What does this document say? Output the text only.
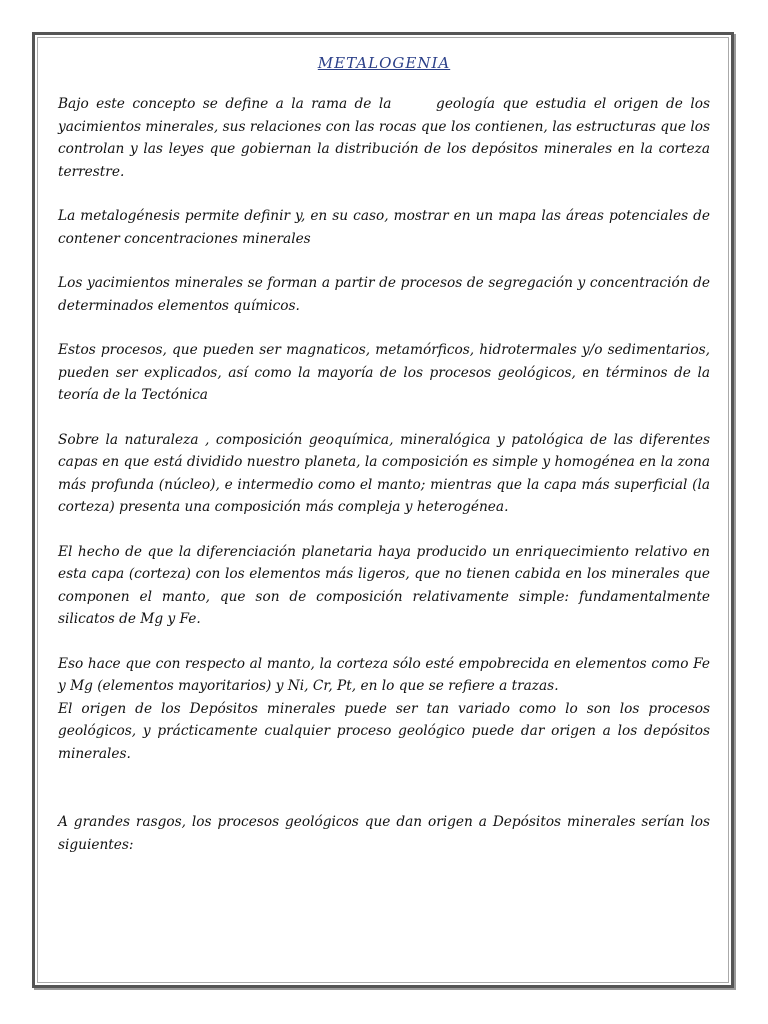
METALOGENIA

Bajo este concepto se define a la rama de la      geología que estudia el origen de los yacimientos minerales, sus relaciones con las rocas que los contienen, las estructuras que los controlan y las leyes que gobiernan la distribución de los depósitos minerales en la corteza terrestre.

La metalogénesis permite definir y, en su caso, mostrar en un mapa las áreas potenciales de contener concentraciones minerales

Los yacimientos minerales se forman a partir de procesos de segregación y concentración de determinados elementos químicos.

Estos procesos, que pueden ser magnaticos, metamórficos, hidrotermales y/o sedimentarios, pueden ser explicados, así como la mayoría de los procesos geológicos, en términos de la teoría de la Tectónica

Sobre la naturaleza , composición geoquímica, mineralógica y patológica de las diferentes capas en que está dividido nuestro planeta, la composición es simple y homogénea en la zona más profunda (núcleo), e intermedio como el manto; mientras que la capa más superficial (la corteza) presenta una composición más compleja y heterogénea.

El hecho de que la diferenciación planetaria haya producido un enriquecimiento relativo en esta capa (corteza) con los elementos más ligeros, que no tienen cabida en los minerales que componen el manto, que son de composición relativamente simple: fundamentalmente silicatos de Mg y Fe.

Eso hace que con respecto al manto, la corteza sólo esté empobrecida en elementos como Fe y Mg (elementos mayoritarios) y Ni, Cr, Pt, en lo que se refiere a trazas.

El origen de los Depósitos minerales puede ser tan variado como lo son los procesos geológicos, y prácticamente cualquier proceso geológico puede dar origen a los depósitos minerales.

A grandes rasgos, los procesos geológicos que dan origen a Depósitos minerales serían los siguientes:
